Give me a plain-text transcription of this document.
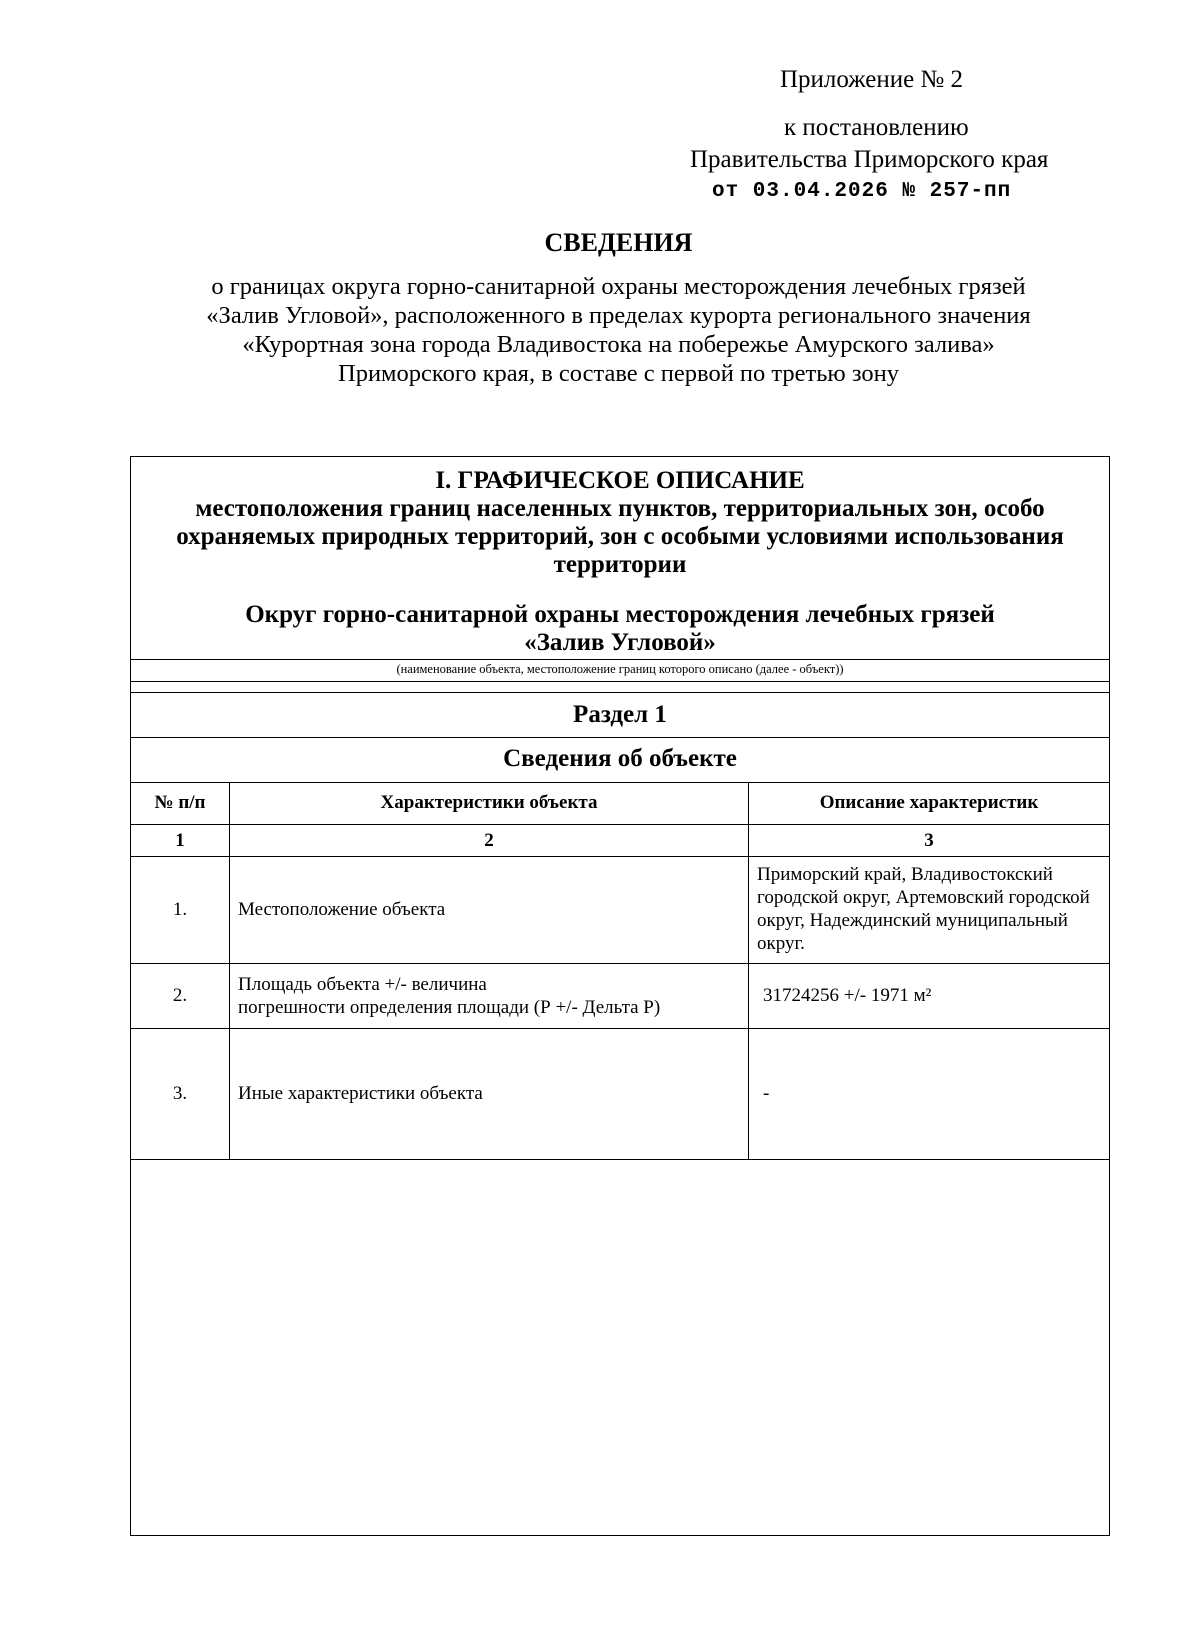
Приложение № 2
к постановлению
Правительства Приморского края
от 03.04.2026 № 257-пп
СВЕДЕНИЯ
о границах округа горно-санитарной охраны месторождения лечебных грязей
«Залив Угловой», расположенного в пределах курорта регионального значения
«Курортная зона города Владивостока на побережье Амурского залива»
Приморского края, в составе с первой по третью зону
I. ГРАФИЧЕСКОЕ ОПИСАНИЕ
местоположения границ населенных пунктов, территориальных зон, особо
охраняемых природных территорий, зон с особыми условиями использования
территории
Округ горно-санитарной охраны месторождения лечебных грязей
«Залив Угловой»
(наименование объекта, местоположение границ которого описано (далее - объект))
Раздел 1
Сведения об объекте
№ п/п	Характеристики объекта	Описание характеристик
1	2	3
1.	Местоположение объекта	Приморский край, Владивостокский
городской округ, Артемовский городской
округ, Надеждинский муниципальный
округ.

2.	Площадь объекта +/- величина
погрешности определения площади (Р +/- Дельта Р)	31724256 +/- 1971 м²
3.	Иные характеристики объекта	-
